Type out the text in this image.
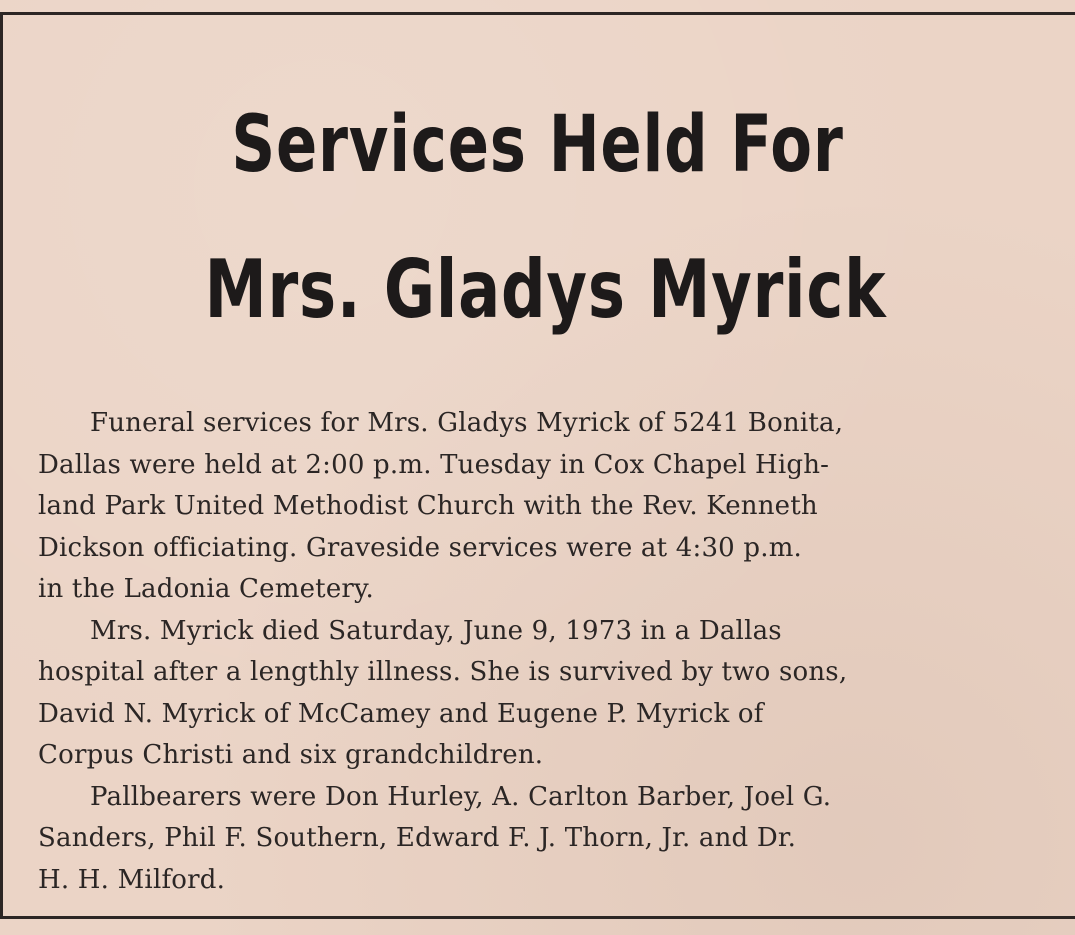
Services Held For
Mrs. Gladys Myrick
Funeral services for Mrs. Gladys Myrick of 5241 Bonita,
Dallas were held at 2:00 p.m. Tuesday in Cox Chapel High-
land Park United Methodist Church with the Rev. Kenneth
Dickson officiating. Graveside services were at 4:30 p.m.
in the Ladonia Cemetery.
Mrs. Myrick died Saturday, June 9, 1973 in a Dallas
hospital after a lengthly illness. She is survived by two sons,
David N. Myrick of McCamey and Eugene P. Myrick of
Corpus Christi and six grandchildren.
Pallbearers were Don Hurley, A. Carlton Barber, Joel G.
Sanders, Phil F. Southern, Edward F. J. Thorn, Jr. and Dr.
H. H. Milford.
